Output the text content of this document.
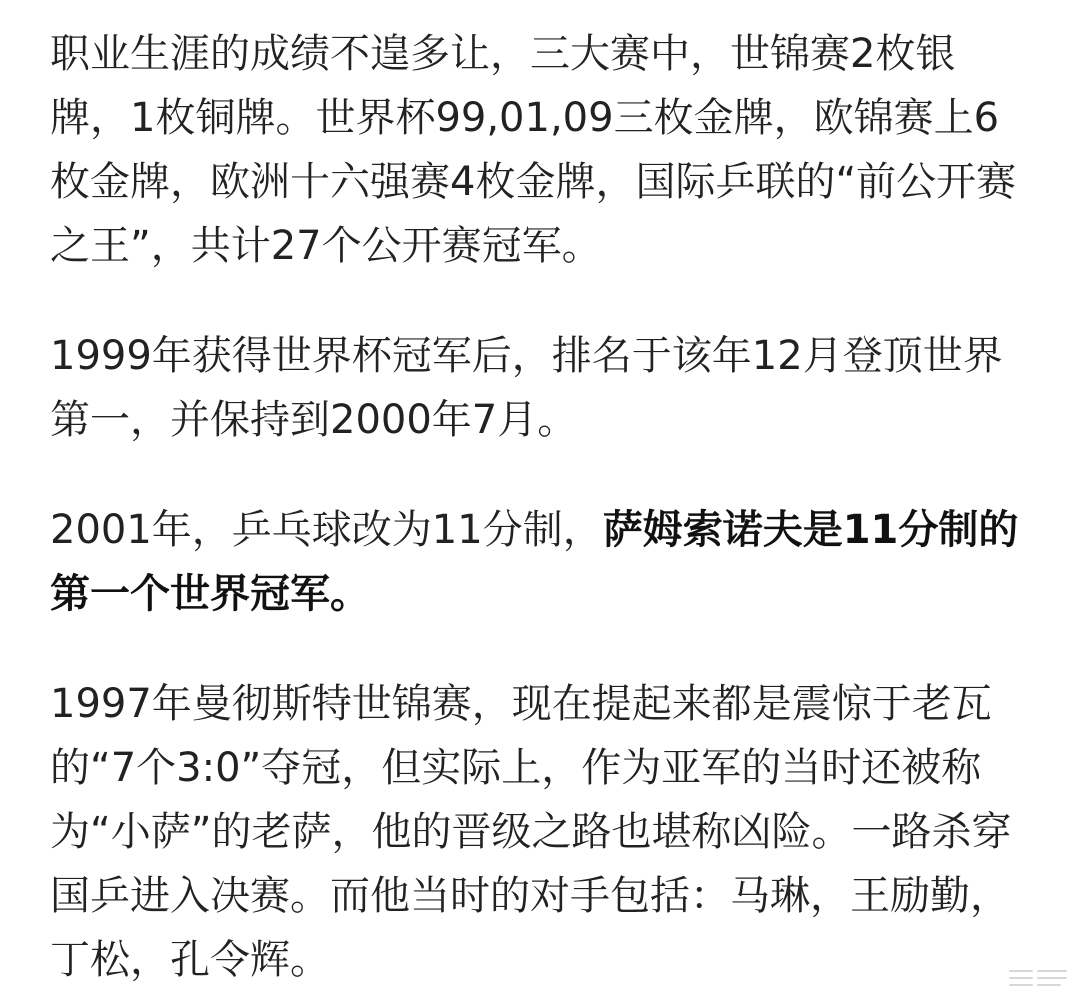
职业生涯的成绩不遑多让，三大赛中，世锦赛2枚银牌，1枚铜牌。世界杯99,01,09三枚金牌，欧锦赛上6枚金牌，欧洲十六强赛4枚金牌，国际乒联的“前公开赛之王”，共计27个公开赛冠军。

1999年获得世界杯冠军后，排名于该年12月登顶世界第一，并保持到2000年7月。

2001年，乒乓球改为11分制，萨姆索诺夫是11分制的第一个世界冠军。

1997年曼彻斯特世锦赛，现在提起来都是震惊于老瓦的“7个3:0”夺冠，但实际上，作为亚军的当时还被称为“小萨”的老萨，他的晋级之路也堪称凶险。一路杀穿国乒进入决赛。而他当时的对手包括：马琳，王励勤，丁松，孔令辉。
